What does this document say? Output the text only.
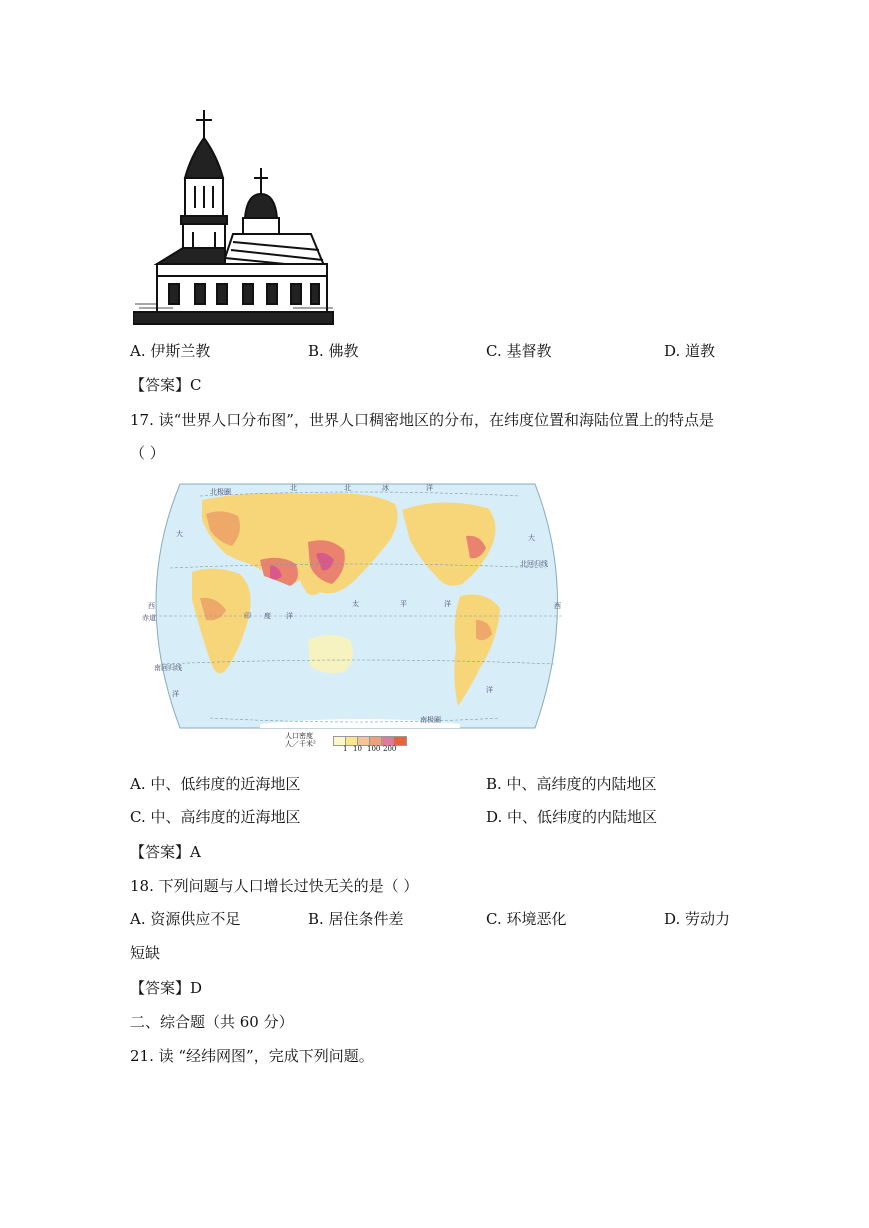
A. 伊斯兰教	B. 佛教	C. 基督教	D. 道教
【答案】C
17. 读“世界人口分布图”，世界人口稠密地区的分布，在纬度位置和海陆位置上的特点是
（ ）
北极圈	北	北	冰	洋
北回归线
赤道
南回归线
南极圈
印 度 洋
太	平	洋
西
大
洋
大
西
洋
人口密度
人／千米²
1 10 100 200
A. 中、低纬度的近海地区	B. 中、高纬度的内陆地区
C. 中、高纬度的近海地区	D. 中、低纬度的内陆地区
【答案】A
18. 下列问题与人口增长过快无关的是（ ）
A. 资源供应不足	B. 居住条件差	C. 环境恶化	D. 劳动力
短缺
【答案】D
二、综合题（共 60 分）
21. 读 “经纬网图”，完成下列问题。
